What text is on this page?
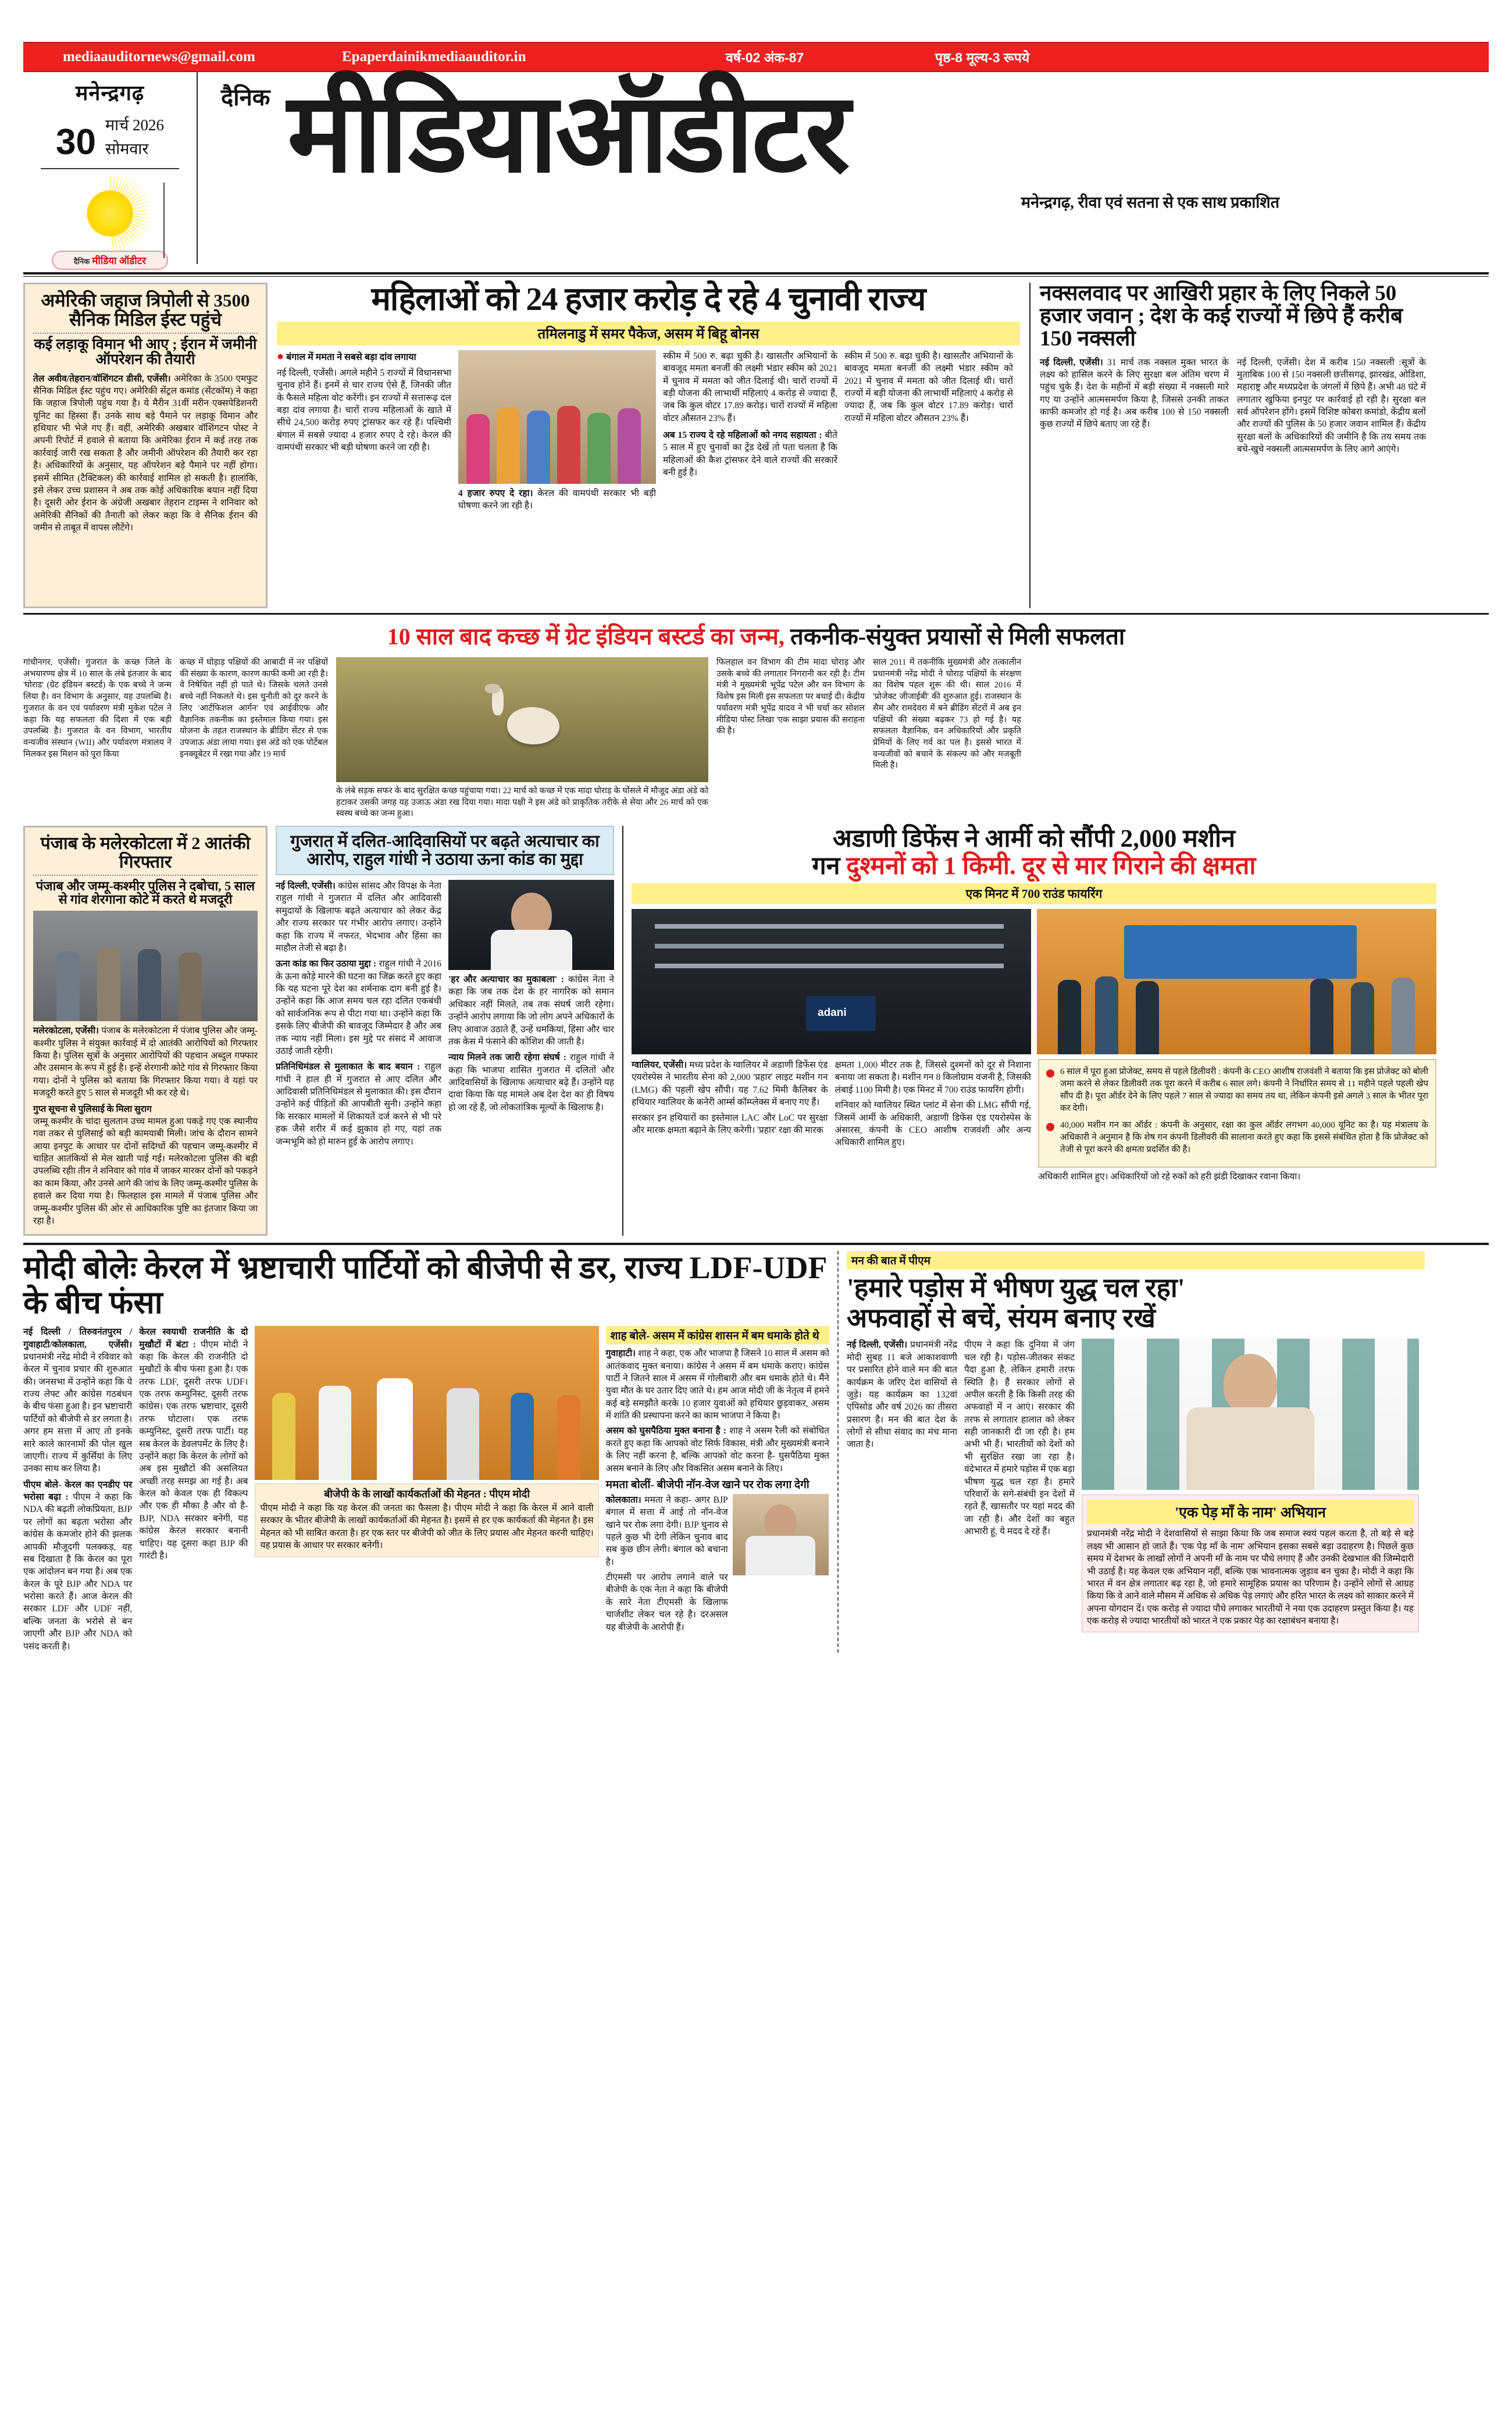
mediaauditornews@gmail.com	Epaperdainikmediaauditor.in	वर्ष-02 अंक-87	पृष्ठ-8 मूल्य-3 रूपये
मनेन्द्रगढ़
30 मार्च 2026
सोमवार
दैनिक मीडिया ऑडीटर
दैनिक मीडियाऑडीटर
मनेन्द्रगढ़, रीवा एवं सतना से एक साथ प्रकाशित
अमेरिकी जहाज त्रिपोली से 3500 सैनिक मिडिल ईस्ट पहुंचे
कई लड़ाकू विमान भी आए ; ईरान में जमीनी ऑपरेशन की तैयारी
तेल अवीव/तेहरान/वॉशिंगटन डीसी, एजेंसी। अमेरिका के 3500 एमफुट सैनिक मिडिल ईस्ट पहुंच गए। अमेरिकी सेंट्रल कमांड (सेंटकॉम) ने कहा कि जहाज त्रिपोली पहुंच गया है। ये मैरीन 31वीं मरीन एक्सपेडिशनरी यूनिट का हिस्सा हैं। उनके साथ बड़े पैमाने पर लड़ाकू विमान और हथियार भी भेजे गए हैं। वहीं, अमेरिकी अखबार वॉशिंगटन पोस्ट ने अपनी रिपोर्ट में हवाले से बताया कि अमेरिका ईरान में कई तरह तक कार्रवाई जारी रख सकता है और जमीनी ऑपरेशन की तैयारी कर रहा है। अधिकारियों के अनुसार, यह ऑपरेशन बड़े पैमाने पर नहीं होगा। इसमें सीमित (टैक्टिकल) की कार्रवाई शामिल हो सकती है। हालांकि, इसे लेकर उच्च प्रशासन ने अब तक कोई अधिकारिक बयान नहीं दिया है। दूसरी ओर ईरान के अंग्रेजी अखबार तेहरान टाइम्स ने शनिवार को अमेरिकी सैनिकों की तैनाती को लेकर कहा कि वे सैनिक ईरान की जमीन से ताबूत में वापस लौटेंगे।
महिलाओं को 24 हजार करोड़ दे रहे 4 चुनावी राज्य
तमिलनाडु में समर पैकेज, असम में बिहू बोनस
● बंगाल में ममता ने सबसे बड़ा दांव लगाया
नई दिल्ली, एजेंसी। अगले महीने 5 राज्यों में विधानसभा चुनाव होने हैं। इनमें से चार राज्य ऐसे हैं, जिनकी जीत के फैसले महिला वोट करेंगी। इन राज्यों में सत्तारूढ़ दल बड़ा दांव लगाया है। चारों राज्य महिलाओं के खाते में सीधे 24,500 करोड़ रुपए ट्रांसफर कर रहे हैं। पश्चिमी बंगाल में सबसे ज्यादा 4 हजार रुपए दे रहे। केरल की वामपंथी सरकार भी बड़ी घोषणा करने जा रही है।
4 हजार रुपए दे रहा। केरल की वामपंथी सरकार भी बड़ी घोषणा करने जा रही है।
स्कीम में 500 रु. बढ़ा चुकी है। खासतौर अभियानों के बावजूद ममता बनर्जी की लक्ष्मी भंडार स्कीम को 2021 में चुनाव में ममता को जीत दिलाई थी। चारों राज्यों में बड़ी योजना की लाभार्थी महिलाएं 4 करोड़ से ज्यादा हैं, जब कि कुल वोटर 17.89 करोड़। चारों राज्यों में महिला वोटर औसतन 23% हैं।
अब 15 राज्य दे रहे महिलाओं को नगद सहायता : बीते 5 साल में हुए चुनावों का ट्रेंड देखें तो पता चलता है कि महिलाओं की कैश ट्रांसफर देने वाले राज्यों की सरकारें बनी हुई है।
स्कीम में 500 रु. बढ़ा चुकी है। खासतौर अभियानों के बावजूद ममता बनर्जी की लक्ष्मी भंडार स्कीम को 2021 में चुनाव में ममता को जीत दिलाई थी। चारों राज्यों में बड़ी योजना की लाभार्थी महिलाएं 4 करोड़ से ज्यादा हैं, जब कि कुल वोटर 17.89 करोड़। चारों राज्यों में महिला वोटर औसतन 23% हैं।
नक्सलवाद पर आखिरी प्रहार के लिए निकले 50 हजार जवान ; देश के कई राज्यों में छिपे हैं करीब 150 नक्सली
नई दिल्ली, एजेंसी। 31 मार्च तक नक्सल मुक्त भारत के लक्ष्य को हासिल करने के लिए सुरक्षा बल अंतिम चरण में पहुंच चुके हैं। देश के महीनों में बड़ी संख्या में नक्सली मारे गए या उन्होंने आत्मसमर्पण किया है, जिससे उनकी ताकत काफी कमजोर हो गई है। अब करीब 100 से 150 नक्सली कुछ राज्यों में छिपे बताए जा रहे हैं।
नई दिल्ली, एजेंसी। देश में करीब 150 नक्सली :सूत्रों के मुताबिक 100 से 150 नक्सली छत्तीसगढ़, झारखंड, ओडिशा, महाराष्ट्र और मध्यप्रदेश के जंगलों में छिपे हैं। अभी 48 घंटे में लगातार खुफिया इनपुट पर कार्रवाई हो रही है। सुरक्षा बल सर्व ऑपरेशन होंगे। इसमें विशिष्ट कोबरा कमांडो, केंद्रीय बलों और राज्यों की पुलिस के 50 हजार जवान शामिल हैं। केंद्रीय सुरक्षा बलों के अधिकारियों की जमीनि है कि तय समय तक बचे-खुचे नक्सली आत्मसमर्पण के लिए आगे आएंगे।
10 साल बाद कच्छ में ग्रेट इंडियन बस्टर्ड का जन्म, तकनीक-संयुक्त प्रयासों से मिली सफलता
गांधीनगर, एजेंसी। गुजरात के कच्छ जिले के अभयारण्य क्षेत्र में 10 साल के लंबे इंतजार के बाद 'घोराड' (ग्रेट इंडियन बस्टर्ड) के एक बच्चे ने जन्म लिया है। वन विभाग के अनुसार, यह उपलब्धि है। गुजरात के वन एवं पर्यावरण मंत्री मुकेश पटेल ने कहा कि यह सफलता की दिशा में एक बड़ी उपलब्धि है। गुजरात के वन विभाग, भारतीय वन्यजीव संस्थान (WII) और पर्यावरण मंत्रालय ने मिलकर इस मिशन को पूरा किया
कच्छ में घोड़ाड़ पक्षियों की आबादी में नर पक्षियों की संख्या के कारण, कारण काफी कमी आ रही है। वे निषेचित नहीं हो पाते थे। जिसके चलते उनसे बच्चे नहीं निकलते थे। इस चुनौती को दूर करने के लिए 'आर्टफिशल आर्गन' एवं आईवीएफ और वैज्ञानिक तकनीक का इस्तेमाल किया गया। इस योजना के तहत राजस्थान के ब्रीडिंग सेंटर से एक उपजाऊ अंडा लाया गया। इस अंडे को एक पोर्टेबल इनक्यूबेटर में रखा गया और 19 मार्च
के लंबे सड़क सफर के बाद सुरक्षित कच्छ पहुंचाया गया। 22 मार्च को कच्छ में एक मादा घोराड़ के घोंसले में मौजूद अंडा अंडे को हटाकर उसकी जगह यह उजाऊ अंडा रख दिया गया। मादा पक्षी ने इस अंडे को प्राकृतिक तरीके से सेया और 26 मार्च को एक स्वस्थ बच्चे का जन्म हुआ।
फिलहाल वन विभाग की टीम मादा घोराड़ और उसके बच्चे की लगातार निगरानी कर रही है। टीम मंत्री ने मुख्यमंत्री भूपेंद्र पटेल और वन विभाग के विशेष इस मिली इस सफलता पर बधाई दी। केंद्रीय पर्यावरण मंत्री भूपेंद्र यादव ने भी चर्चा कर सोशल मीडिया पोस्ट लिखा 'एक साझा प्रयास की सराहना की है।
साल 2011 में तकनीकि मुख्यमंत्री और तत्कालीन प्रधानमंत्री नरेंद्र मोदी ने घोराड़ पक्षियों के संरक्षण का विशेष पहल शुरू की थी। साल 2016 में 'प्रोजेक्ट जीजाईबी' की शुरुआत हुई। राजस्थान के सैम और रामदेवरा में बने ब्रीडिंग सेंटरों में अब इन पक्षियों की संख्या बढ़कर 73 हो गई है। यह सफलता वैज्ञानिक, वन अधिकारियों और प्रकृति प्रेमियों के लिए गर्व का पल है। इससे भारत में वन्यजीवों को बचाने के संकल्प को और मजबूती मिली है।
पंजाब के मलेरकोटला में 2 आतंकी गिरफ्तार
पंजाब और जम्मू-कश्मीर पुलिस ने दबोचा, 5 साल से गांव शेरगाना कोटे में करते थे मजदूरी
मलेरकोटला, एजेंसी। पंजाब के मलेरकोटला में पंजाब पुलिस और जम्मू-कश्मीर पुलिस ने संयुक्त कार्रवाई में दो आतंकी आरोपियों को गिरफ्तार किया है। पुलिस सूत्रों के अनुसार आरोपियों की पहचान अब्दुल गफ्फार और उसमान के रूप में हुई है। इन्हें शेरगानी कोटे गांव से गिरफ्तार किया गया। दोनों ने पुलिस को बताया कि गिरफ्तार किया गया। वे यहां पर मजदूरी करते हुए 5 साल से मजदूरी भी कर रहे थे।
गुप्त सूचना से पुलिसाई के मिला सुराग
जम्मू कश्मीर के चांदा सुलतान उच्च मामल हुआ पकड़े गए एक स्थानीय गवा तकर से पुलिसाई को बड़ी कामयाबी मिली। जांच के दौरान सामने आया इनपुट के आधार पर दोनों सदिग्धों की पहचान जम्मू-कश्मीर में चाहित आतंकियों से मेल खाती पाई गई। मलेरकोटला पुलिस की बड़ी उपलब्धि रहीा तीन ने शनिवार को गांव में जाकर मारकर दोनों को पकड़ने का काम किया, और उनसे आगे की जांच के लिए जम्मू-कश्मीर पुलिस के हवाले कर दिया गया है। फिलहाल इस मामले में पंजाब पुलिस और जम्मू-कश्मीर पुलिस की ओर से आधिकारिक पुष्टि का इंतजार किया जा रहा है।
गुजरात में दलित-आदिवासियों पर बढ़ते अत्याचार का आरोप, राहुल गांधी ने उठाया ऊना कांड का मुद्दा
नई दिल्ली, एजेंसी। कांग्रेस सांसद और विपक्ष के नेता राहुल गांधी ने गुजरात में दलित और आदिवासी समुदायों के खिलाफ बढ़ते अत्याचार को लेकर केंद्र और राज्य सरकार पर गंभीर आरोप लगाए। उन्होंने कहा कि राज्य में नफरत, भेदभाव और हिंसा का माहौल तेजी से बढ़ा है।
ऊना कांड का फिर उठाया मुद्दा : राहुल गांधी ने 2016 के ऊना कोड़े मारने की घटना का जिक्र करते हुए कहा कि यह घटना पूरे देश का शर्मनाक दाग बनी हुई है। उन्होंने कहा कि आज समय चल रहा दलित एकबंधी को सार्वजनिक रूप से पीटा गया था। उन्होंने कहा कि इसके लिए बीजेपी की बावजूद जिम्मेदार है और अब तक न्याय नहीं मिला। इस मुद्दे पर संसद में आवाज उठाई जाती रहेगी।
प्रतिनिधिमंडल से मुलाकात के बाद बयान : राहुल गांधी ने हाल ही में गुजरात से आए दलित और आदिवासी प्रतिनिधिमंडल से मुलाकात की। इस दौरान उन्होंने कई पीड़ितों की आपबीती सुनी। उन्होंने कहा कि सरकार मामलों में शिकायतें दर्ज करने से भी परे हक जैसे शरीर में कई झुकाव हो गए, यहां तक जन्मभूमि को हो मारुन हुई के आरोप लगाए।
'हर और अत्याचार का मुकाबला' : कांग्रेस नेता ने कहा कि जब तक देश के हर नागरिक को समान अधिकार नहीं मिलते, तब तक संघर्ष जारी रहेगा। उन्होंने आरोप लगाया कि जो लोग अपने अधिकारों के लिए आवाज उठाते हैं, उन्हें धमकियां, हिंसा और चार तक केस में फंसाने की कोशिश की जाती है।
न्याय मिलने तक जारी रहेगा संघर्ष : राहुल गांधी ने कहा कि भाजपा शासित गुजरात में दलितों और आदिवासियों के खिलाफ अत्याचार बढ़े हैं। उन्होंने यह दावा किया कि यह मामले अब देश देश का ही विषय हो जा रहे हैं, जो लोकतांत्रिक मूल्यों के खिलाफ है।
अडाणी डिफेंस ने आर्मी को सौंपी 2,000 मशीन
गन दुश्मनों को 1 किमी. दूर से मार गिराने की क्षमता
एक मिनट में 700 राउंड फायरिंग
adani
ग्वालियर, एजेंसी। मध्य प्रदेश के ग्वालियर में अडाणी डिफेंस एंड एयरोस्पेस ने भारतीय सेना को 2,000 'प्रहार' लाइट मशीन गन (LMG) की पहली खेप सौंपी। यह 7.62 मिमी कैलिबर के हथियार ग्वालियर के कनेरी आर्म्स कॉम्प्लेक्स में बनाए गए हैं।
सरकार इन हथियारों का इस्तेमाल LAC और LoC पर सुरक्षा और मारक क्षमता बढ़ाने के लिए करेगी। 'प्रहार' रक्षा की मारक
क्षमता 1,000 मीटर तक है, जिससे दुश्मनों को दूर से निशाना बनाया जा सकता है। मशीन गन 8 किलोग्राम वजनी है, जिसकी लंबाई 1100 मिमी है। एक मिनट में 700 राउंड फायरिंग होगी।
शनिवार को ग्वालियर स्थित प्लांट में सेना की LMG सौंपी गई, जिसमें आर्मी के अधिकारी, अडाणी डिफेंस एंड एयरोस्पेस के अंसारस, कंपनी के CEO आशीष राजवंशी और अन्य अधिकारी शामिल हुए।
6 साल में पूरा हुआ प्रोजेक्ट, समय से पहले डिलीवरी : कंपनी के CEO आशीष राजवंशी ने बताया कि इस प्रोजेक्ट को बोली जमा करने से लेकर डिलीवरी तक पूरा करने में करीब 6 साल लगे। कंपनी ने निर्धारित समय से 11 महीने पहले पहली खेप सौंप दी है। पूरा ऑर्डर देने के लिए पहले 7 साल से ज्यादा का समय तय था, लेकिन कंपनी इसे अगले 3 साल के भीतर पूरा कर देगी।
40,000 मशीन गन का ऑर्डर : कंपनी के अनुसार, रक्षा का कुल ऑर्डर लगभग 40,000 यूनिट का है। यह मंत्रालय के अधिकारी ने अनुमान है कि शेष गन कंपनी डिलीवरी की सालाना करते हुए कहा कि इससे संबंधित होता है कि प्रोजेक्ट को तेजी से पूरा करने की क्षमता प्रदर्शित की है।
अधिकारी शामिल हुए। अधिकारियों जो रहे रुकों को हरी झंडी दिखाकर रवाना किया।
मोदी बोलेः केरल में भ्रष्टाचारी पार्टियों को बीजेपी से डर, राज्य LDF-UDF के बीच फंसा
नई दिल्ली / तिरुवनंतपुरम / गुवाहाटी/कोलकाता, एजेंसी। प्रधानमंत्री नरेंद्र मोदी ने रविवार को केरल में चुनाव प्रचार की शुरुआत की। जनसभा में उन्होंने कहा कि ये राज्य लेफ्ट और कांग्रेस गठबंधन के बीच फंसा हुआ है। इन भ्रष्टाचारी पार्टियों को बीजेपी से डर लगता है। अगर हम सत्ता में आए तो इनके सारे काले कारनामों की पोल खुल जाएगी। राज्य में कुर्सियां के लिए उनका साथ कर लिया है।
पीएम बोले- केरल का एनडीए पर भरोसा बढ़ा : पीएम ने कहा कि NDA की बढ़ती लोकप्रियता, BJP पर लोगों का बढ़ता भरोसा और कांग्रेस के कमजोर होने की झलक आपकी मौजूदगी पलक्कड़, यह सब दिखाता है कि केरल का पूरा एक आंदोलन बन गया है। अब एक केरल के पूरे BJP और NDA पर भरोसा करते हैं। आज केरल की सरकार LDF और UDF नहीं, बल्कि जनता के भरोसे से बन जाएगी और BJP और NDA को पसंद करती है।
केरल स्वयाथी राजनीति के दो मुखौटों में बंटा : पीएम मोदी ने कहा कि केरल की राजनीति दो मुखौटों के बीच फंसा हुआ है। एक तरफ LDF, दूसरी तरफ UDF। एक तरफ कम्युनिस्ट, दूसरी तरफ कांग्रेस। एक तरफ भ्रष्टाचार, दूसरी तरफ घोटाला। एक तरफ कम्युनिस्ट, दूसरी तरफ पार्टी। यह सब केरल के डेवलपमेंट के लिए है। उन्होंने कहा कि केरल के लोगों को अब इस मुखौटों की असलियत अच्छी तरह समझ आ गई है। अब केरल को केवल एक ही विकल्प और एक ही मौका है और वो है- BJP, NDA सरकार बनेगी, यह कांग्रेस केरल सरकार बनानी चाहिए। यह दूसरा कहा BJP की गारंटी है।
बीजेपी के के लाखों कार्यकर्ताओं की मेहनत : पीएम मोदी
पीएम मोदी ने कहा कि यह केरल की जनता का फैसला है। पीएम मोदी ने कहा कि केरल में आने वाली सरकार के भीतर बीजेपी के लाखों कार्यकर्ताओं की मेहनत है। इसमें से हर एक कार्यकर्ता की मेहनत है। इस मेहनत को भी साबित करता है। हर एक स्तर पर बीजेपी को जीत के लिए प्रयास और मेहनत करनी चाहिए। यह प्रयास के आधार पर सरकार बनेगी।
शाह बोले- असम में कांग्रेस शासन में बम धमाके होते थे
गुवाहाटी। शाह ने कहा, एक और भाजपा है जिसने 10 साल में असम को आतंकवाद मुक्त बनाया। कांग्रेस ने असम में बम धमाके कराए। कांग्रेस पार्टी ने जितने साल में असम में गोलीबारी और बम धमाके होते थे। मैंने युवा मौत के घर उतार दिए जाते थे। हम आज मोदी जी के नेतृत्व में हमने कई बड़े समझौते करके 10 हजार युवाओं को हथियार छुड़वाकर, असम में शांति की प्रस्थापना करने का काम भाजपा ने किया है।
असम को घुसपैठिया मुक्त बनाना है : शाह ने असम रैली को संबोधित करते हुए कहा कि आपको वोट सिर्फ विकास, मंत्री और मुख्यमंत्री बनाने के लिए नहीं करना है, बल्कि आपको वोट करना है- घुसपैठिया मुक्त असम बनाने के लिए और विकसित असम बनाने के लिए।
ममता बोलीं- बीजेपी नॉन-वेज खाने पर रोक लगा देगी
कोलकाता। ममता ने कहा- अगर BJP बंगाल में सत्ता में आई तो नॉन-वेज खाने पर रोक लगा देगी। BJP चुनाव से पहले कुछ भी देगी लेकिन चुनाव बाद सब कुछ छीन लेगी। बंगाल को बचाना है।
टीएमसी पर आरोप लगाने वाले पर बीजेपी के एक नेता ने कहा कि बीजेपी के सारे नेता टीएमसी के खिलाफ चार्जशीट लेकर चल रहे है। दरअसल यह बीजेपी के आरोपी हैं।
मन की बात में पीएम
'हमारे पड़ोस में भीषण युद्ध चल रहा'
अफवाहों से बचें, संयम बनाए रखें
नई दिल्ली, एजेंसी। प्रधानमंत्री नरेंद्र मोदी सुबह 11 बजे आकाशवाणी पर प्रसारित होने वाले मन की बात कार्यक्रम के जरिए देश वासियों से जुड़े। यह कार्यक्रम का 132वां एपिसोड और वर्ष 2026 का तीसरा प्रसारण है। मन की बात देश के लोगों से सीधा संवाद का मंच माना जाता है।
पीएम ने कहा कि दुनिया में जंग चल रही है। पड़ोस-जीतकर संकट पैदा हुआ है, लेकिन हमारी तरफ स्थिति है। हैं सरकार लोगों से अपील करती है कि किसी तरह की अफवाहों में न आएं। सरकार की तरफ से लगातार हालात को लेकर सही जानकारी दी जा रही है। हम अभी भी हैं। भारतीयों को देशों को भी सुरक्षित रखा जा रहा है। वंदेभारत में हमारे पड़ोस में एक बड़ा भीषण युद्ध चल रहा है। हमारे परिवारों के सगे-संबंधी इन देशों में रहते हैं, खासतौर पर यहां मदद की जा रही है। और देशों का बहुत आभारी हूं, ये मदद दे रहे हैं।
'एक पेड़ माँ के नाम' अभियान
प्रधानमंत्री नरेंद्र मोदी ने देशवासियों से साझा किया कि जब समाज स्वयं पहल करता है, तो बड़े से बड़े लक्ष्य भी आसान हो जाते हैं। 'एक पेड़ माँ के नाम' अभियान इसका सबसे बड़ा उदाहरण है। पिछले कुछ समय में देशभर के लाखों लोगों ने अपनी माँ के नाम पर पौधे लगाए हैं और उनकी देखभाल की जिम्मेदारी भी उठाई है। यह केवल एक अभियान नहीं, बल्कि एक भावनात्मक जुड़ाव बन चुका है। मोदी ने कहा कि भारत में वन क्षेत्र लगातार बढ़ रहा है, जो हमारे सामूहिक प्रयास का परिणाम है। उन्होंने लोगों से आग्रह किया कि वे आने वाले मौसम में अधिक से अधिक पेड़ लगाएं और हरित भारत के लक्ष्य को साकार करने में अपना योगदान दें। एक करोड़ से ज्यादा पौधे लगाकर भारतीयों ने नया एक उदाहरण प्रस्तुत किया है। यह एक करोड़ से ज्यादा भारतीयों को भारत ने एक प्रकार पेड़ का रक्षाबंधन बनाया है।
